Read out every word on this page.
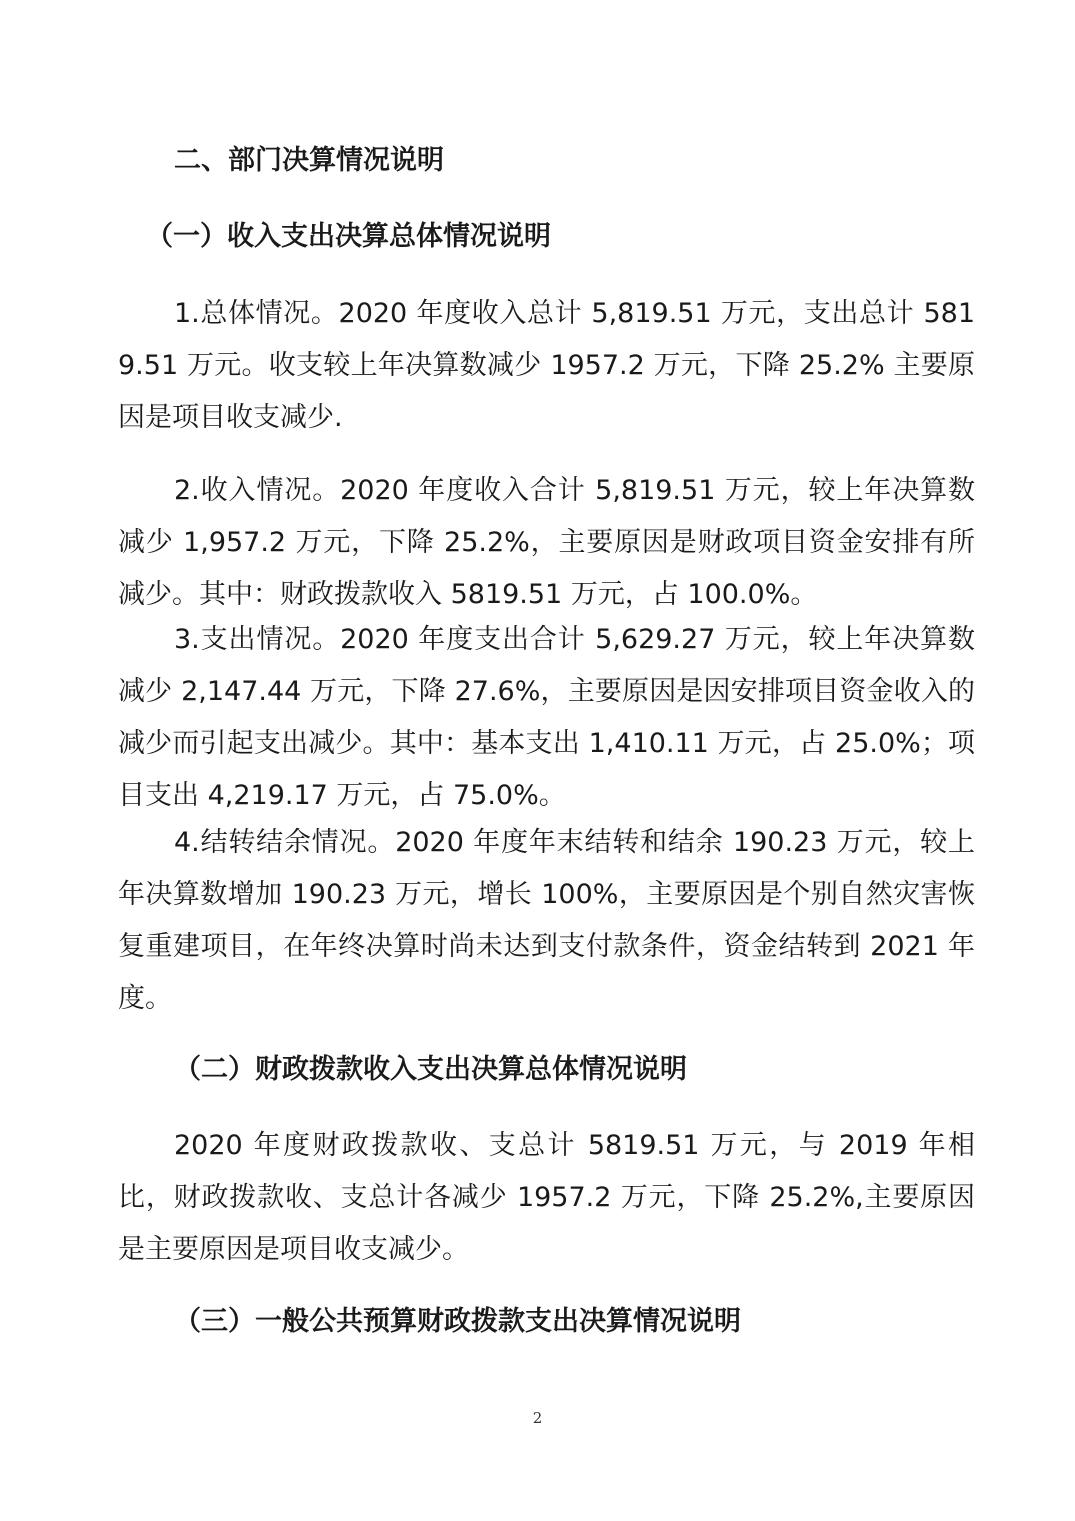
二、部门决算情况说明
（一）收入支出决算总体情况说明

1.总体情况。2020 年度收入总计 5,819.51 万元，支出总计 5819.51 万元。收支较上年决算数减少 1957.2 万元，下降 25.2% 主要原因是项目收支减少.

2.收入情况。2020 年度收入合计 5,819.51 万元，较上年决算数减少 1,957.2 万元，下降 25.2%，主要原因是财政项目资金安排有所减少。其中：财政拨款收入 5819.51 万元，占 100.0%。

3.支出情况。2020 年度支出合计 5,629.27 万元，较上年决算数减少 2,147.44 万元，下降 27.6%，主要原因是因安排项目资金收入的减少而引起支出减少。其中：基本支出 1,410.11 万元，占 25.0%；项目支出 4,219.17 万元，占 75.0%。

4.结转结余情况。2020 年度年末结转和结余 190.23 万元，较上年决算数增加 190.23 万元，增长 100%，主要原因是个别自然灾害恢复重建项目，在年终决算时尚未达到支付款条件，资金结转到 2021 年度。

（二）财政拨款收入支出决算总体情况说明

2020 年度财政拨款收、支总计 5819.51 万元，与 2019 年相比，财政拨款收、支总计各减少 1957.2 万元，下降 25.2%,主要原因是主要原因是项目收支减少。

（三）一般公共预算财政拨款支出决算情况说明
2
